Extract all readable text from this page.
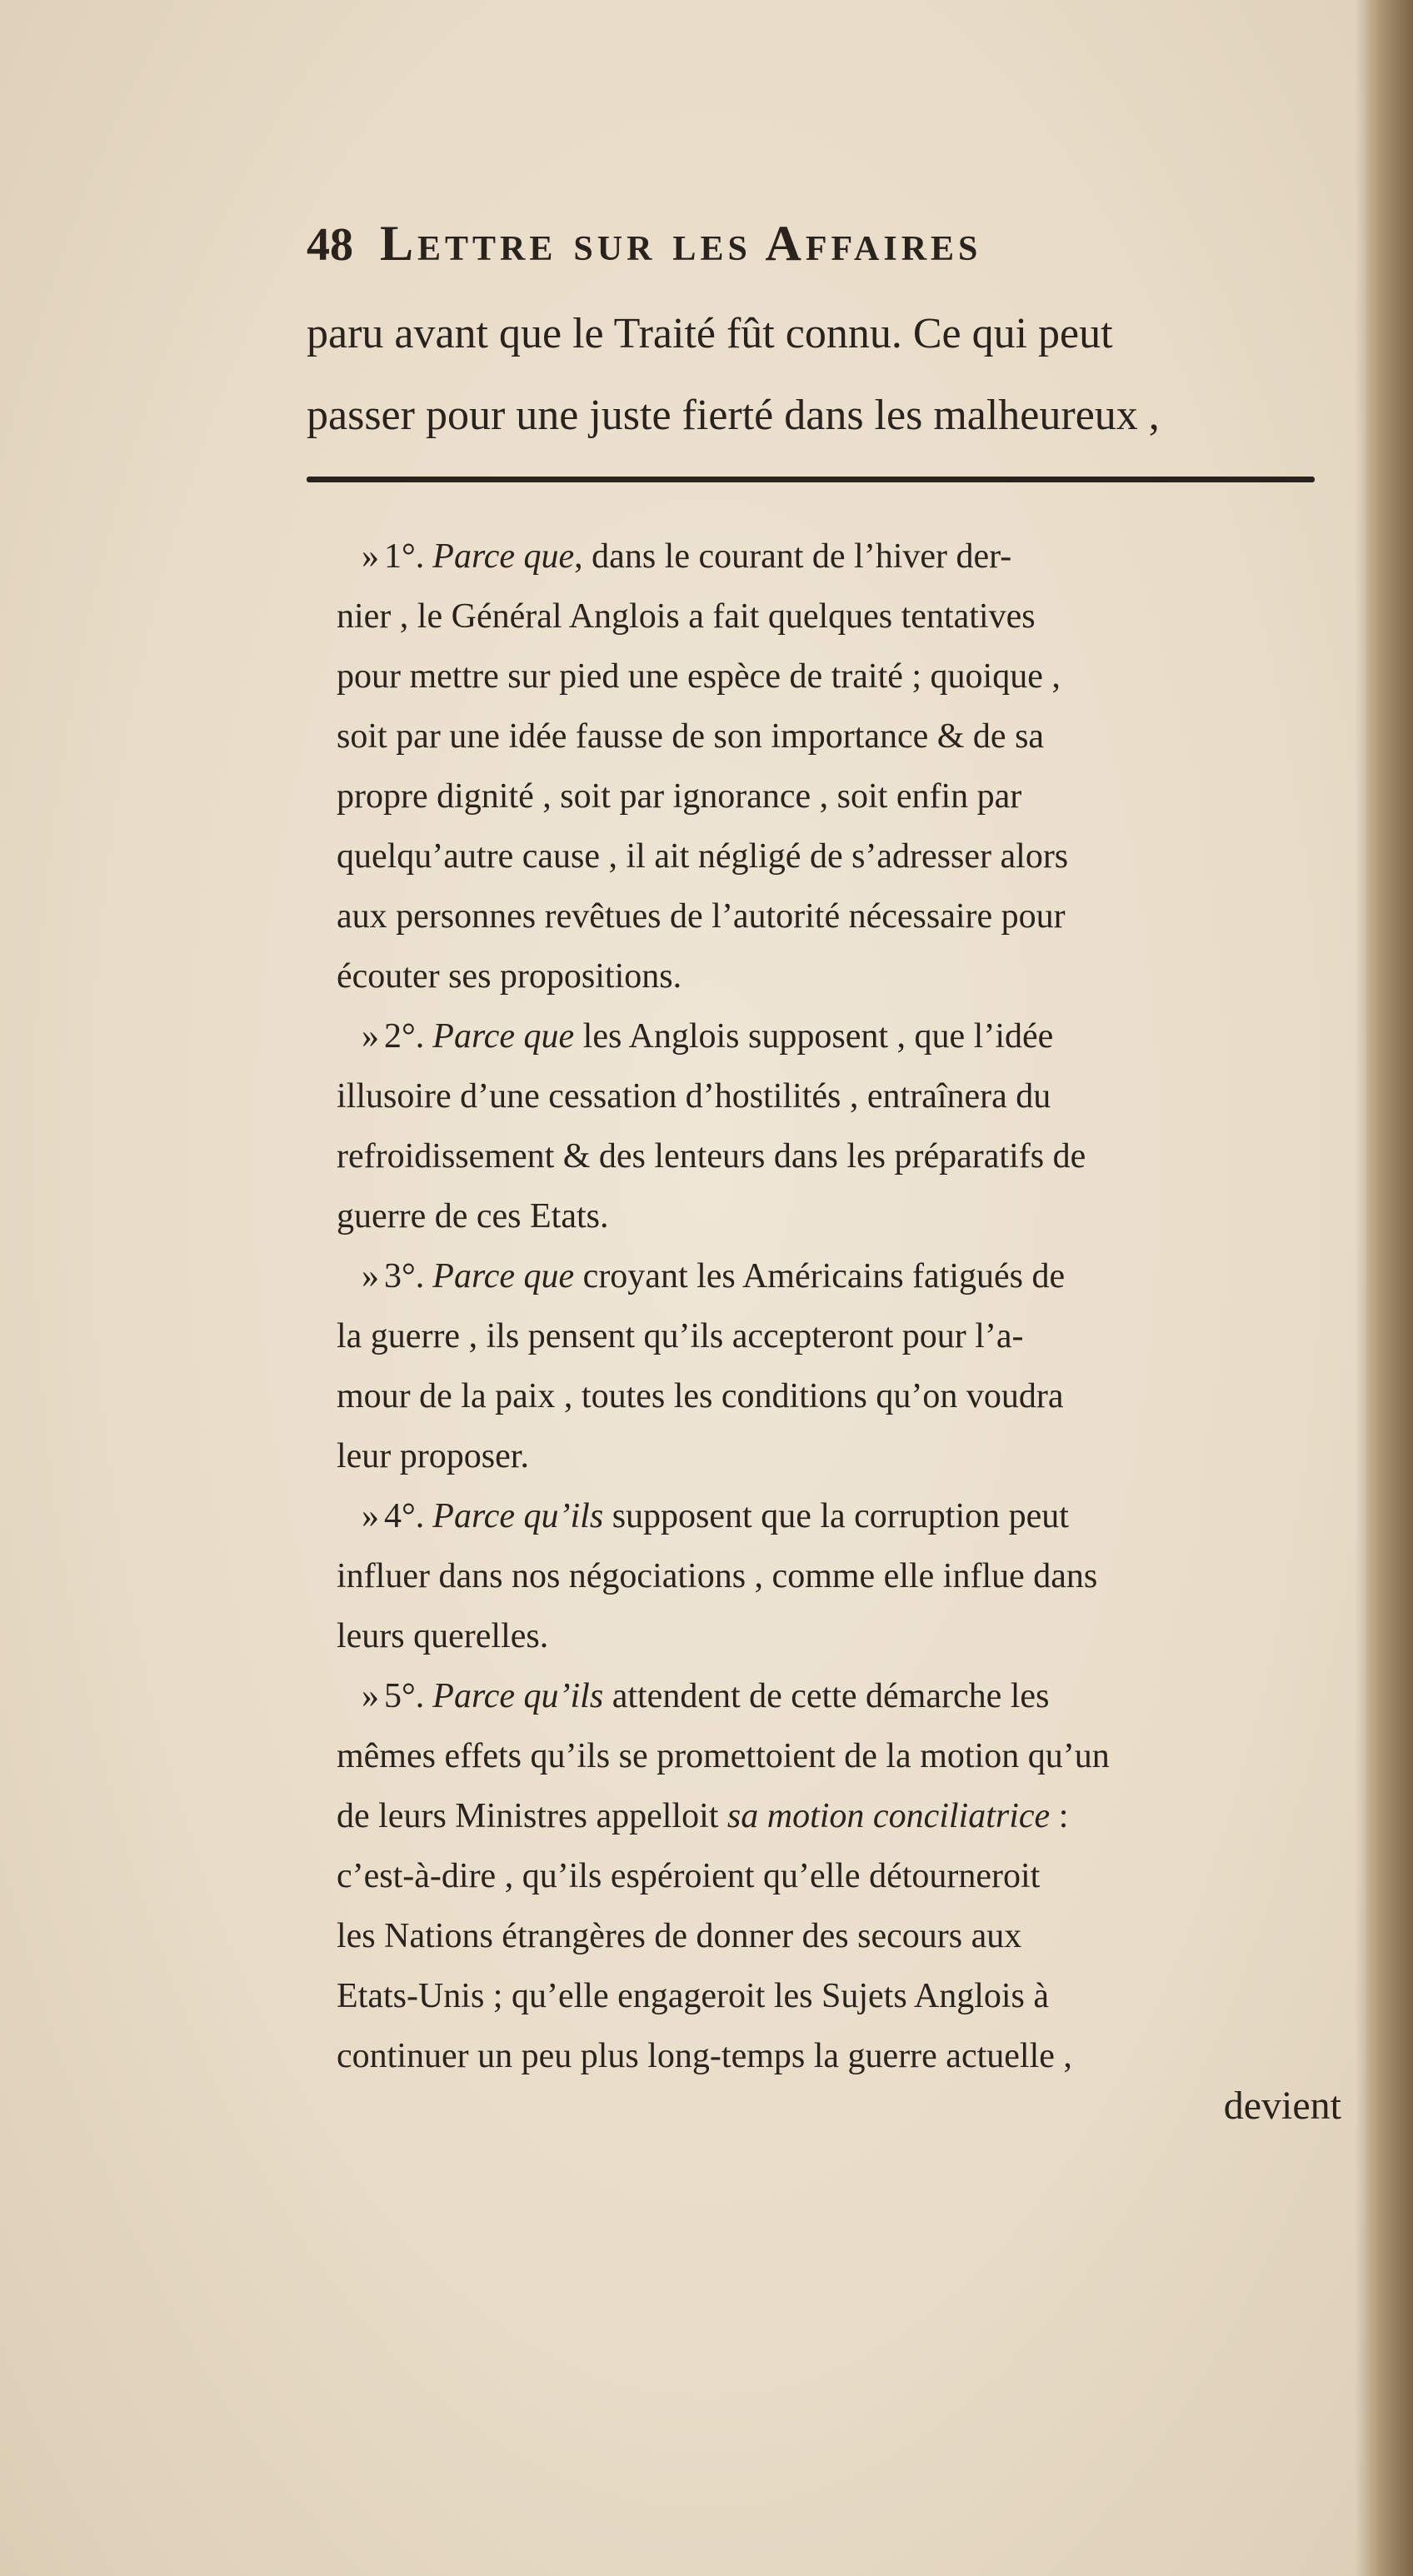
48 Lettre sur les Affaires
paru avant que le Traité fût connu. Ce qui peut
passer pour une juste fierté dans les malheureux ,

» 1°. Parce que, dans le courant de l’hiver der-
nier , le Général Anglois a fait quelques tentatives
pour mettre sur pied une espèce de traité ; quoique ,
soit par une idée fausse de son importance & de sa
propre dignité , soit par ignorance , soit enfin par
quelqu’autre cause , il ait négligé de s’adresser alors
aux personnes revêtues de l’autorité nécessaire pour
écouter ses propositions.

» 2°. Parce que les Anglois supposent , que l’idée
illusoire d’une cessation d’hostilités , entraînera du
refroidissement & des lenteurs dans les préparatifs de
guerre de ces Etats.

» 3°. Parce que croyant les Américains fatigués de
la guerre , ils pensent qu’ils accepteront pour l’a-
mour de la paix , toutes les conditions qu’on voudra
leur proposer.

» 4°. Parce qu’ils supposent que la corruption peut
influer dans nos négociations , comme elle influe dans
leurs querelles.

» 5°. Parce qu’ils attendent de cette démarche les
mêmes effets qu’ils se promettoient de la motion qu’un
de leurs Ministres appelloit sa motion conciliatrice :
c’est-à-dire , qu’ils espéroient qu’elle détourneroit
les Nations étrangères de donner des secours aux
Etats-Unis ; qu’elle engageroit les Sujets Anglois à
continuer un peu plus long-temps la guerre actuelle ,

devient
